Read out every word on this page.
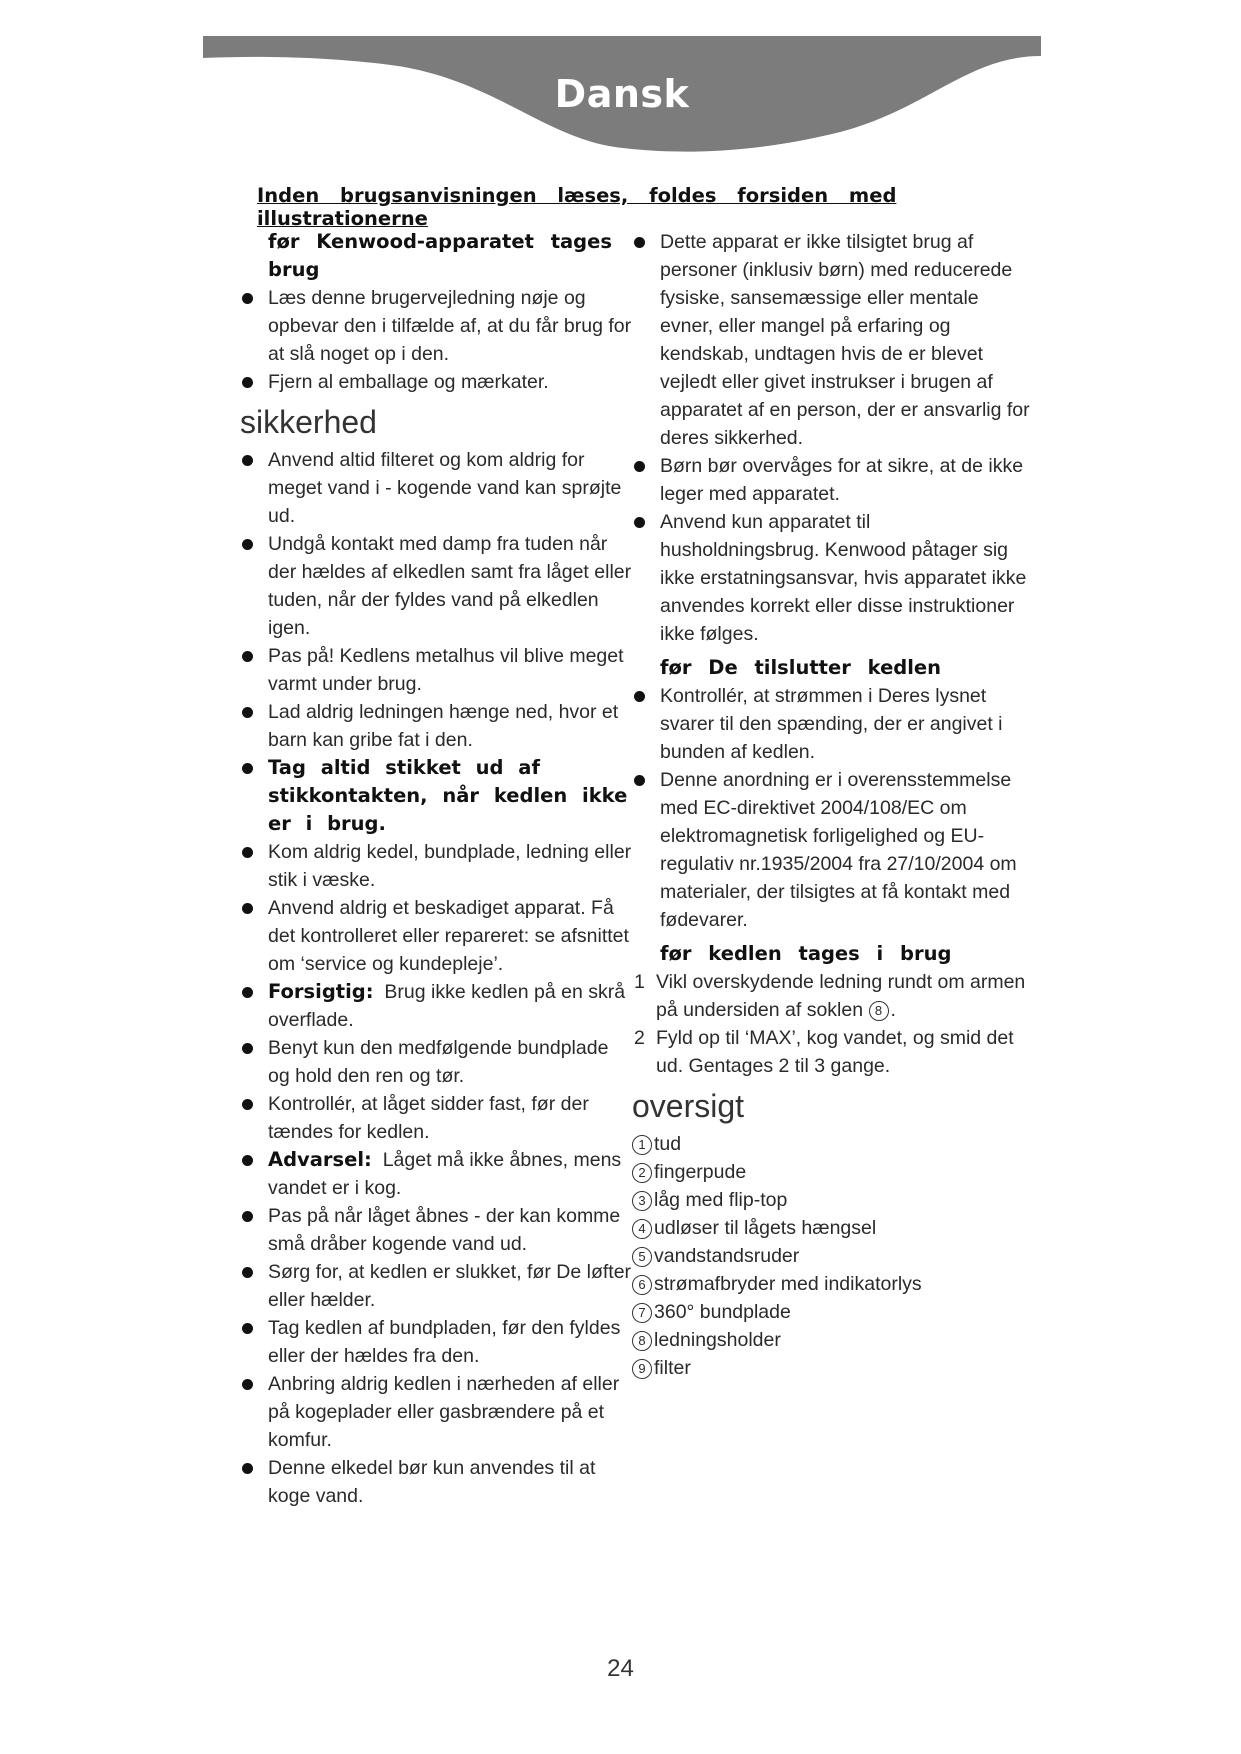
Dansk
Inden brugsanvisningen læses, foldes forsiden med illustrationerne
før Kenwood-apparatet tages brug
Læs denne brugervejledning nøje og opbevar den i tilfælde af, at du får brug for at slå noget op i den.
Fjern al emballage og mærkater.
sikkerhed
Anvend altid filteret og kom aldrig for meget vand i - kogende vand kan sprøjte ud.
Undgå kontakt med damp fra tuden når der hældes af elkedlen samt fra låget eller tuden, når der fyldes vand på elkedlen igen.
Pas på! Kedlens metalhus vil blive meget varmt under brug.
Lad aldrig ledningen hænge ned, hvor et barn kan gribe fat i den.
Tag altid stikket ud af stikkontakten, når kedlen ikke er i brug.
Kom aldrig kedel, bundplade, ledning eller stik i væske.
Anvend aldrig et beskadiget apparat. Få det kontrolleret eller repareret: se afsnittet om ‘service og kundepleje’.
Forsigtig: Brug ikke kedlen på en skrå overflade.
Benyt kun den medfølgende bundplade og hold den ren og tør.
Kontrollér, at låget sidder fast, før der tændes for kedlen.
Advarsel: Låget må ikke åbnes, mens vandet er i kog.
Pas på når låget åbnes - der kan komme små dråber kogende vand ud.
Sørg for, at kedlen er slukket, før De løfter eller hælder.
Tag kedlen af bundpladen, før den fyldes eller der hældes fra den.
Anbring aldrig kedlen i nærheden af eller på kogeplader eller gasbrændere på et komfur.
Denne elkedel bør kun anvendes til at koge vand.
Dette apparat er ikke tilsigtet brug af personer (inklusiv børn) med reducerede fysiske, sansemæssige eller mentale evner, eller mangel på erfaring og kendskab, undtagen hvis de er blevet vejledt eller givet instrukser i brugen af apparatet af en person, der er ansvarlig for deres sikkerhed.
Børn bør overvåges for at sikre, at de ikke leger med apparatet.
Anvend kun apparatet til husholdningsbrug. Kenwood påtager sig ikke erstatningsansvar, hvis apparatet ikke anvendes korrekt eller disse instruktioner ikke følges.
før De tilslutter kedlen
Kontrollér, at strømmen i Deres lysnet svarer til den spænding, der er angivet i bunden af kedlen.
Denne anordning er i overensstemmelse med EC-direktivet 2004/108/EC om elektromagnetisk forligelighed og EU-regulativ nr.1935/2004 fra 27/10/2004 om materialer, der tilsigtes at få kontakt med fødevarer.
før kedlen tages i brug
1 Vikl overskydende ledning rundt om armen på undersiden af soklen 8 .
2 Fyld op til ‘MAX’, kog vandet, og smid det ud. Gentages 2 til 3 gange.
oversigt
1 tud
2 fingerpude
3 låg med flip-top
4 udløser til lågets hængsel
5 vandstandsruder
6 strømafbryder med indikatorlys
7 360° bundplade
8 ledningsholder
9 filter
24
